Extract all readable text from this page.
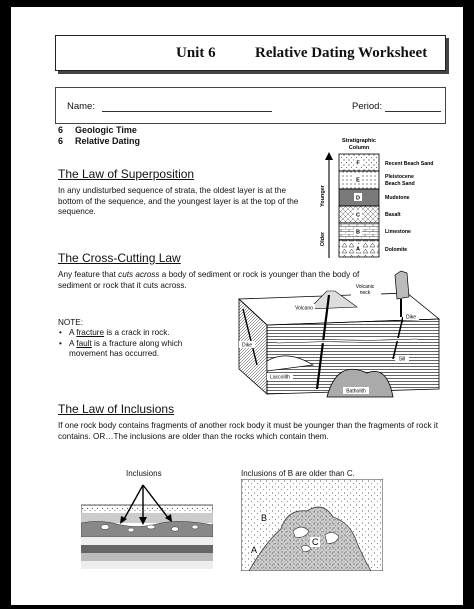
Unit 6	Relative Dating Worksheet
Name:	Period:
6 Geologic Time
6 Relative Dating	Stratigraphic
Column
Younger
Older
F
E
D
C
B
A
Recent Beach Sand
Pleistocene
Beach Sand
Mudstone
Basalt
Limestone
Dolomite
The Law of Superposition
In any undisturbed sequence of strata, the oldest layer is at the bottom of the sequence, and the youngest layer is at the top of the sequence.
The Cross-Cutting Law
Any feature that cuts across a body of sediment or rock is younger than the body of sediment or rock that it cuts across.
NOTE:
• A fracture is a crack in rock.
• A fault is a fracture along which movement has occurred.
Volcanic
neck
Volcano
Dike
Sill
Dike
Laccolith
Batholith
The Law of Inclusions
If one rock body contains fragments of another rock body it must be younger than the fragments of rock it contains. OR…The inclusions are older than the rocks which contain them.
Inclusions	Inclusions of B are older than C.
B
A
C
